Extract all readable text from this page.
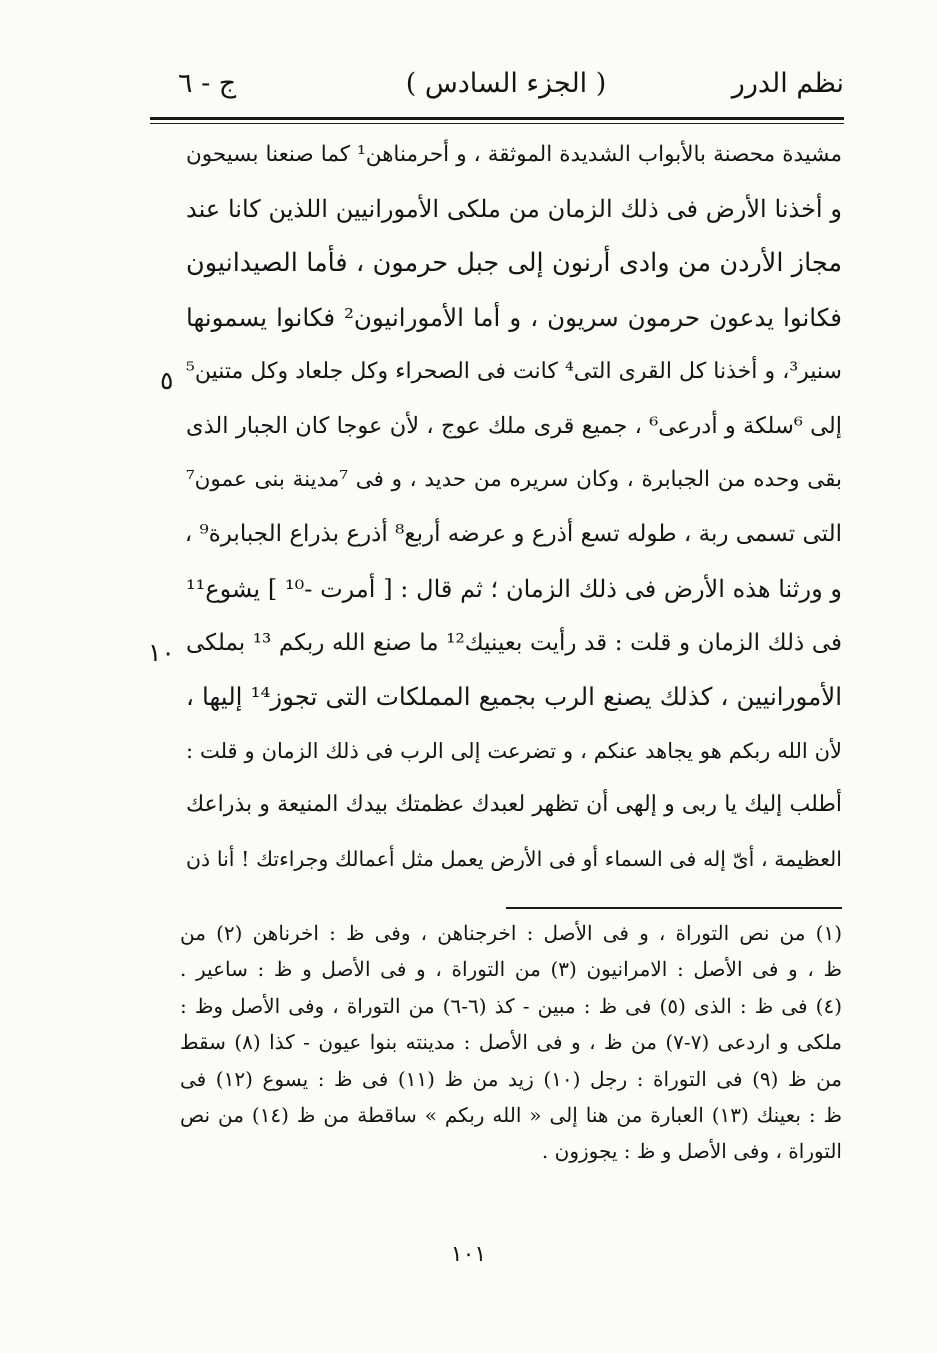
نظم الدرر
( الجزء السادس )
ج - ٦
مشيدة محصنة بالأبواب الشديدة الموثقة ، و أحرمناهن¹ كما صنعنا بسيحون
و أخذنا الأرض فى ذلك الزمان من ملكى الأمورانيين اللذين كانا عند
مجاز الأردن من وادى أرنون إلى جبل حرمون ، فأما الصيدانيون
فكانوا يدعون حرمون سريون ، و أما الأمورانيون² فكانوا يسمونها
سنير³، و أخذنا كل القرى التى⁴ كانت فى الصحراء وكل جلعاد وكل متنين⁵
إلى ⁶سلكة و أدرعى⁶ ، جميع قرى ملك عوج ، لأن عوجا كان الجبار الذى
بقى وحده من الجبابرة ، وكان سريره من حديد ، و فى ⁷مدينة بنى عمون⁷
التى تسمى ربة ، طوله تسع أذرع و عرضه أربع⁸ أذرع بذراع الجبابرة⁹ ،
و ورثنا هذه الأرض فى ذلك الزمان ؛ ثم قال : [ أمرت -¹⁰ ] يشوع¹¹
فى ذلك الزمان و قلت : قد رأيت بعينيك¹² ما صنع الله ربكم ¹³ بملكى
الأمورانيين ، كذلك يصنع الرب بجميع المملكات التى تجوز¹⁴ إليها ،
لأن الله ربكم هو يجاهد عنكم ، و تضرعت إلى الرب فى ذلك الزمان و قلت :
أطلب إليك يا ربى و إلهى أن تظهر لعبدك عظمتك بيدك المنيعة و بذراعك
العظيمة ، أىّ إله فى السماء أو فى الأرض يعمل مثل أعمالك وجراءتك ! أنا ذن
٥
١٠
(١) من نص التوراة ، و فى الأصل : اخرجناهن ، وفى ظ : اخرناهن (٢) من
ظ ، و فى الأصل : الامرانيون (٣) من التوراة ، و فى الأصل و ظ : ساعير .
(٤) فى ظ : الذى (٥) فى ظ : مبين - كذ (٦-٦) من التوراة ، وفى الأصل وظ :
ملكى و اردعى (٧-٧) من ظ ، و فى الأصل : مدينته بنوا عيون - كذا (٨) سقط
من ظ (٩) فى التوراة : رجل (١٠) زيد من ظ (١١) فى ظ : يسوع (١٢) فى
ظ : بعينك (١٣) العبارة من هنا إلى « الله ربكم » ساقطة من ظ (١٤) من نص
التوراة ، وفى الأصل و ظ : يجوزون .
١٠١
